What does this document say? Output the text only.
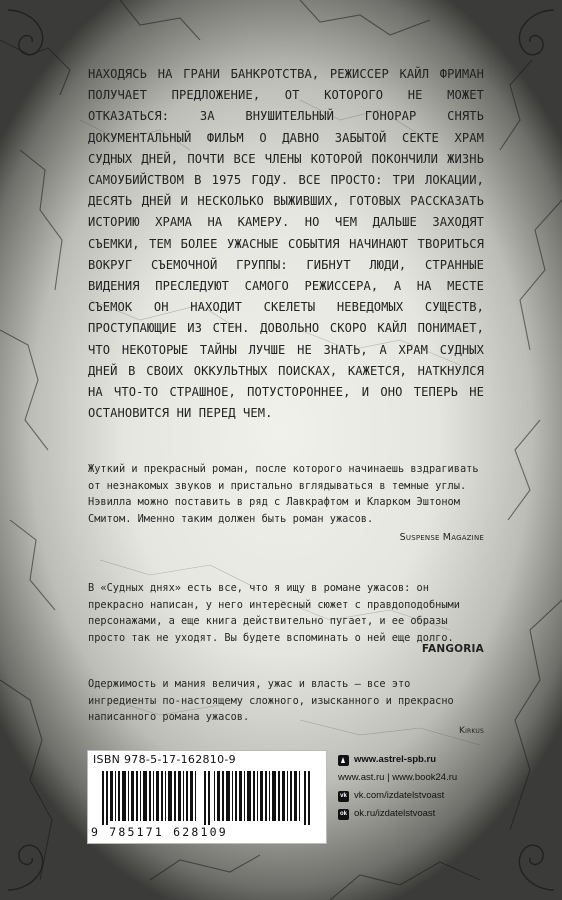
НАХОДЯСЬ НА ГРАНИ БАНКРОТСТВА, РЕЖИССЕР КАЙЛ ФРИМАН ПОЛУЧАЕТ ПРЕДЛОЖЕНИЕ, ОТ КОТОРОГО НЕ МОЖЕТ ОТКАЗАТЬСЯ: ЗА ВНУШИТЕЛЬНЫЙ ГОНОРАР СНЯТЬ ДОКУМЕНТАЛЬНЫЙ ФИЛЬМ О ДАВНО ЗАБЫТОЙ СЕКТЕ ХРАМ СУДНЫХ ДНЕЙ, ПОЧТИ ВСЕ ЧЛЕНЫ КОТОРОЙ ПОКОНЧИЛИ ЖИЗНЬ САМОУБИЙСТВОМ В 1975 ГОДУ. ВСЕ ПРОСТО: ТРИ ЛОКАЦИИ, ДЕСЯТЬ ДНЕЙ И НЕСКОЛЬКО ВЫЖИВШИХ, ГОТОВЫХ РАССКАЗАТЬ ИСТОРИЮ ХРАМА НА КАМЕРУ. НО ЧЕМ ДАЛЬШЕ ЗАХОДЯТ СЪЕМКИ, ТЕМ БОЛЕЕ УЖАСНЫЕ СОБЫТИЯ НАЧИНАЮТ ТВОРИТЬСЯ ВОКРУГ СЪЕМОЧНОЙ ГРУППЫ: ГИБНУТ ЛЮДИ, СТРАННЫЕ ВИДЕНИЯ ПРЕСЛЕДУЮТ САМОГО РЕЖИССЕРА, А НА МЕСТЕ СЪЕМОК ОН НАХОДИТ СКЕЛЕТЫ НЕВЕДОМЫХ СУЩЕСТВ, ПРОСТУПАЮЩИЕ ИЗ СТЕН. ДОВОЛЬНО СКОРО КАЙЛ ПОНИМАЕТ, ЧТО НЕКОТОРЫЕ ТАЙНЫ ЛУЧШЕ НЕ ЗНАТЬ, А ХРАМ СУДНЫХ ДНЕЙ В СВОИХ ОККУЛЬТНЫХ ПОИСКАХ, КАЖЕТСЯ, НАТКНУЛСЯ НА ЧТО-ТО СТРАШНОЕ, ПОТУСТОРОННЕЕ, И ОНО ТЕПЕРЬ НЕ ОСТАНОВИТСЯ НИ ПЕРЕД ЧЕМ.

Жуткий и прекрасный роман, после которого начинаешь вздрагивать от незнакомых звуков и пристально вглядываться в темные углы. Нэвилла можно поставить в ряд с Лавкрафтом и Кларком Эштоном Смитом. Именно таким должен быть роман ужасов.

Suspense Magazine

В «Судных днях» есть все, что я ищу в романе ужасов: он прекрасно написан, у него интересный сюжет с правдоподобными персонажами, а еще книга действительно пугает, и ее образы просто так не уходят. Вы будете вспоминать о ней еще долго.

FANGORIA

Одержимость и мания величия, ужас и власть — все это ингредиенты по-настоящему сложного, изысканного и прекрасно написанного романа ужасов.

Kirkus
ISBN 978-5-17-162810-9
9 785171 628109
www.astrel-spb.ru
www.ast.ru | www.book24.ru
vk vk.com/izdatelstvoast
ok ok.ru/izdatelstvoast
